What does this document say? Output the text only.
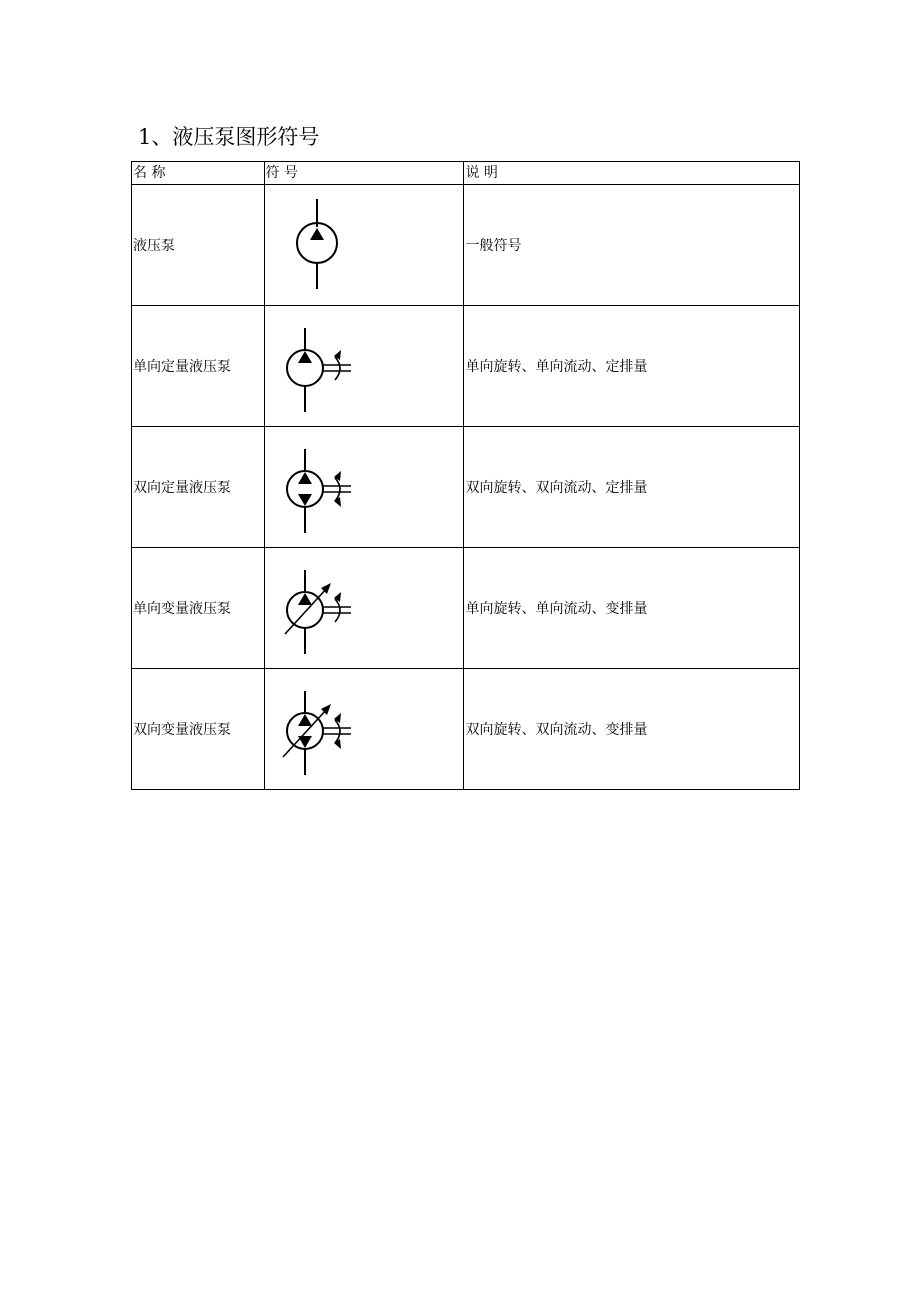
1、液压泵图形符号
名 称	符 号	说 明
液压泵		一般符号
单向定量液压泵		单向旋转、单向流动、定排量
双向定量液压泵		双向旋转、双向流动、定排量
单向变量液压泵		单向旋转、单向流动、变排量
双向变量液压泵		双向旋转、双向流动、变排量
